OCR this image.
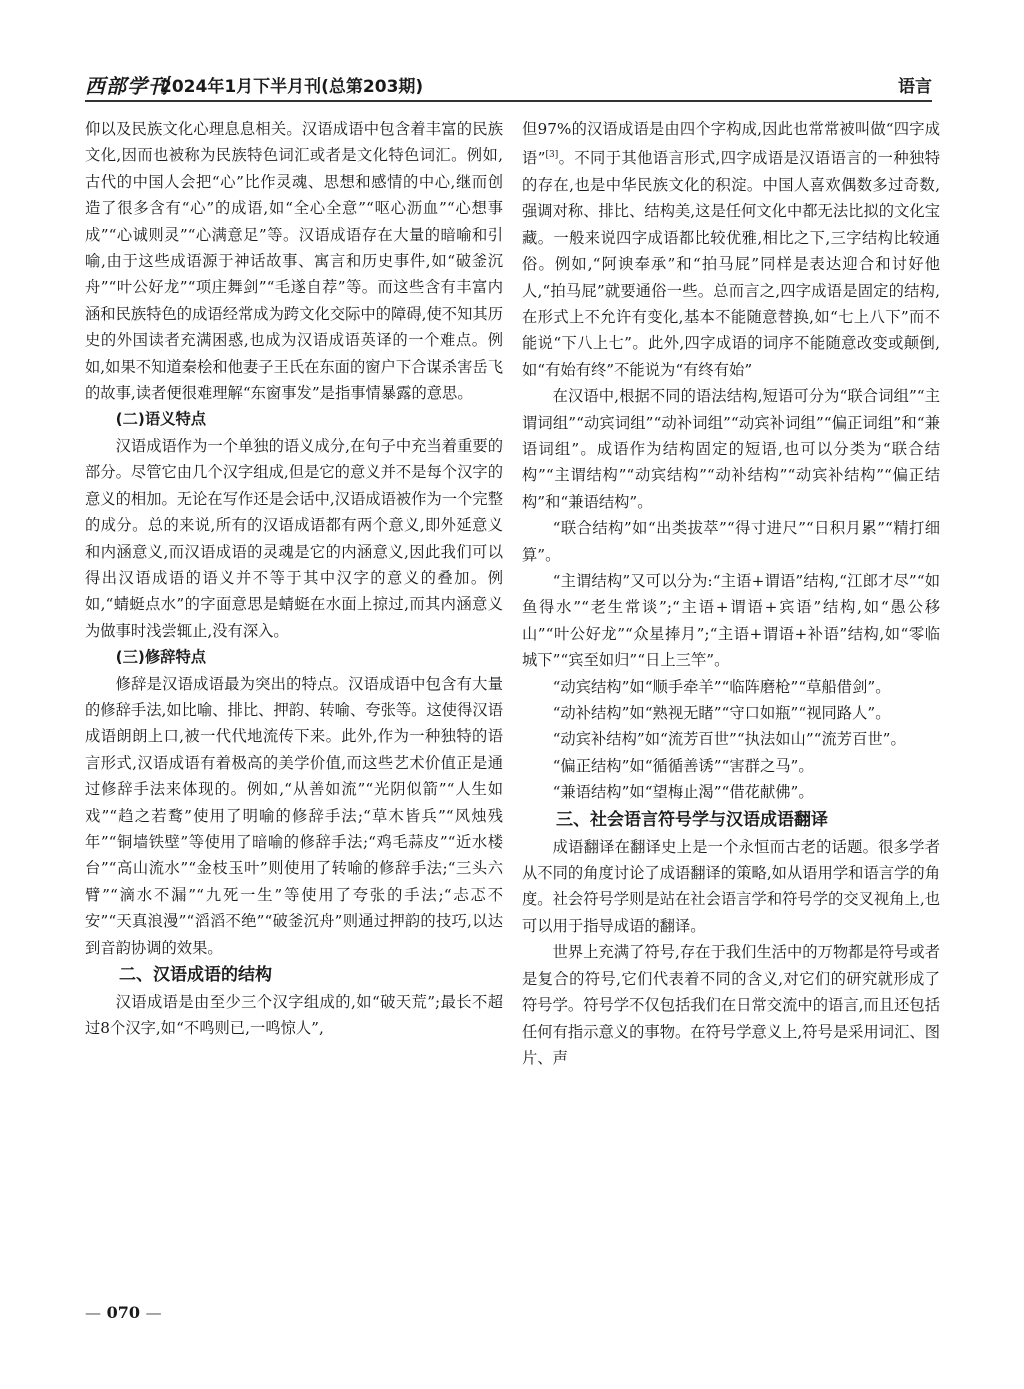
西部学刊
2024年1月下半月刊(总第203期)	语言

仰以及民族文化心理息息相关。汉语成语中包含着丰富的民族文化,因而也被称为民族特色词汇或者是文化特色词汇。例如,古代的中国人会把“心”比作灵魂、思想和感情的中心,继而创造了很多含有“心”的成语,如“全心全意”“呕心沥血”“心想事成”“心诚则灵”“心满意足”等。汉语成语存在大量的暗喻和引喻,由于这些成语源于神话故事、寓言和历史事件,如“破釜沉舟”“叶公好龙”“项庄舞剑”“毛遂自荐”等。而这些含有丰富内涵和民族特色的成语经常成为跨文化交际中的障碍,使不知其历史的外国读者充满困惑,也成为汉语成语英译的一个难点。例如,如果不知道秦桧和他妻子王氏在东面的窗户下合谋杀害岳飞的故事,读者便很难理解“东窗事发”是指事情暴露的意思。

(二)语义特点

汉语成语作为一个单独的语义成分,在句子中充当着重要的部分。尽管它由几个汉字组成,但是它的意义并不是每个汉字的意义的相加。无论在写作还是会话中,汉语成语被作为一个完整的成分。总的来说,所有的汉语成语都有两个意义,即外延意义和内涵意义,而汉语成语的灵魂是它的内涵意义,因此我们可以得出汉语成语的语义并不等于其中汉字的意义的叠加。例如,“蜻蜓点水”的字面意思是蜻蜓在水面上掠过,而其内涵意义为做事时浅尝辄止,没有深入。

(三)修辞特点

修辞是汉语成语最为突出的特点。汉语成语中包含有大量的修辞手法,如比喻、排比、押韵、转喻、夸张等。这使得汉语成语朗朗上口,被一代代地流传下来。此外,作为一种独特的语言形式,汉语成语有着极高的美学价值,而这些艺术价值正是通过修辞手法来体现的。例如,“从善如流”“光阴似箭”“人生如戏”“趋之若鹜”使用了明喻的修辞手法;“草木皆兵”“风烛残年”“铜墙铁壁”等使用了暗喻的修辞手法;“鸡毛蒜皮”“近水楼台”“高山流水”“金枝玉叶”则使用了转喻的修辞手法;“三头六臂”“滴水不漏”“九死一生”等使用了夸张的手法;“忐忑不安”“天真浪漫”“滔滔不绝”“破釜沉舟”则通过押韵的技巧,以达到音韵协调的效果。

二、汉语成语的结构

汉语成语是由至少三个汉字组成的,如“破天荒”;最长不超过8个汉字,如“不鸣则已,一鸣惊人”,

但97%的汉语成语是由四个字构成,因此也常常被叫做“四字成语”[3]。不同于其他语言形式,四字成语是汉语语言的一种独特的存在,也是中华民族文化的积淀。中国人喜欢偶数多过奇数,强调对称、排比、结构美,这是任何文化中都无法比拟的文化宝藏。一般来说四字成语都比较优雅,相比之下,三字结构比较通俗。例如,“阿谀奉承”和“拍马屁”同样是表达迎合和讨好他人,“拍马屁”就要通俗一些。总而言之,四字成语是固定的结构,在形式上不允许有变化,基本不能随意替换,如“七上八下”而不能说“下八上七”。此外,四字成语的词序不能随意改变或颠倒,如“有始有终”不能说为“有终有始”

在汉语中,根据不同的语法结构,短语可分为“联合词组”“主谓词组”“动宾词组”“动补词组”“动宾补词组”“偏正词组”和“兼语词组”。成语作为结构固定的短语,也可以分类为“联合结构”“主谓结构”“动宾结构”“动补结构”“动宾补结构”“偏正结构”和“兼语结构”。

“联合结构”如“出类拔萃”“得寸进尺”“日积月累”“精打细算”。

“主谓结构”又可以分为:“主语+谓语”结构,“江郎才尽”“如鱼得水”“老生常谈”;“主语+谓语+宾语”结构,如“愚公移山”“叶公好龙”“众星捧月”;“主语+谓语+补语”结构,如“零临城下”“宾至如归”“日上三竿”。

“动宾结构”如“顺手牵羊”“临阵磨枪”“草船借剑”。

“动补结构”如“熟视无睹”“守口如瓶”“视同路人”。

“动宾补结构”如“流芳百世”“执法如山”“流芳百世”。

“偏正结构”如“循循善诱”“害群之马”。

“兼语结构”如“望梅止渴”“借花献佛”。

三、社会语言符号学与汉语成语翻译

成语翻译在翻译史上是一个永恒而古老的话题。很多学者从不同的角度讨论了成语翻译的策略,如从语用学和语言学的角度。社会符号学则是站在社会语言学和符号学的交叉视角上,也可以用于指导成语的翻译。

世界上充满了符号,存在于我们生活中的万物都是符号或者是复合的符号,它们代表着不同的含义,对它们的研究就形成了符号学。符号学不仅包括我们在日常交流中的语言,而且还包括任何有指示意义的事物。在符号学意义上,符号是采用词汇、图片、声

— 070 —
